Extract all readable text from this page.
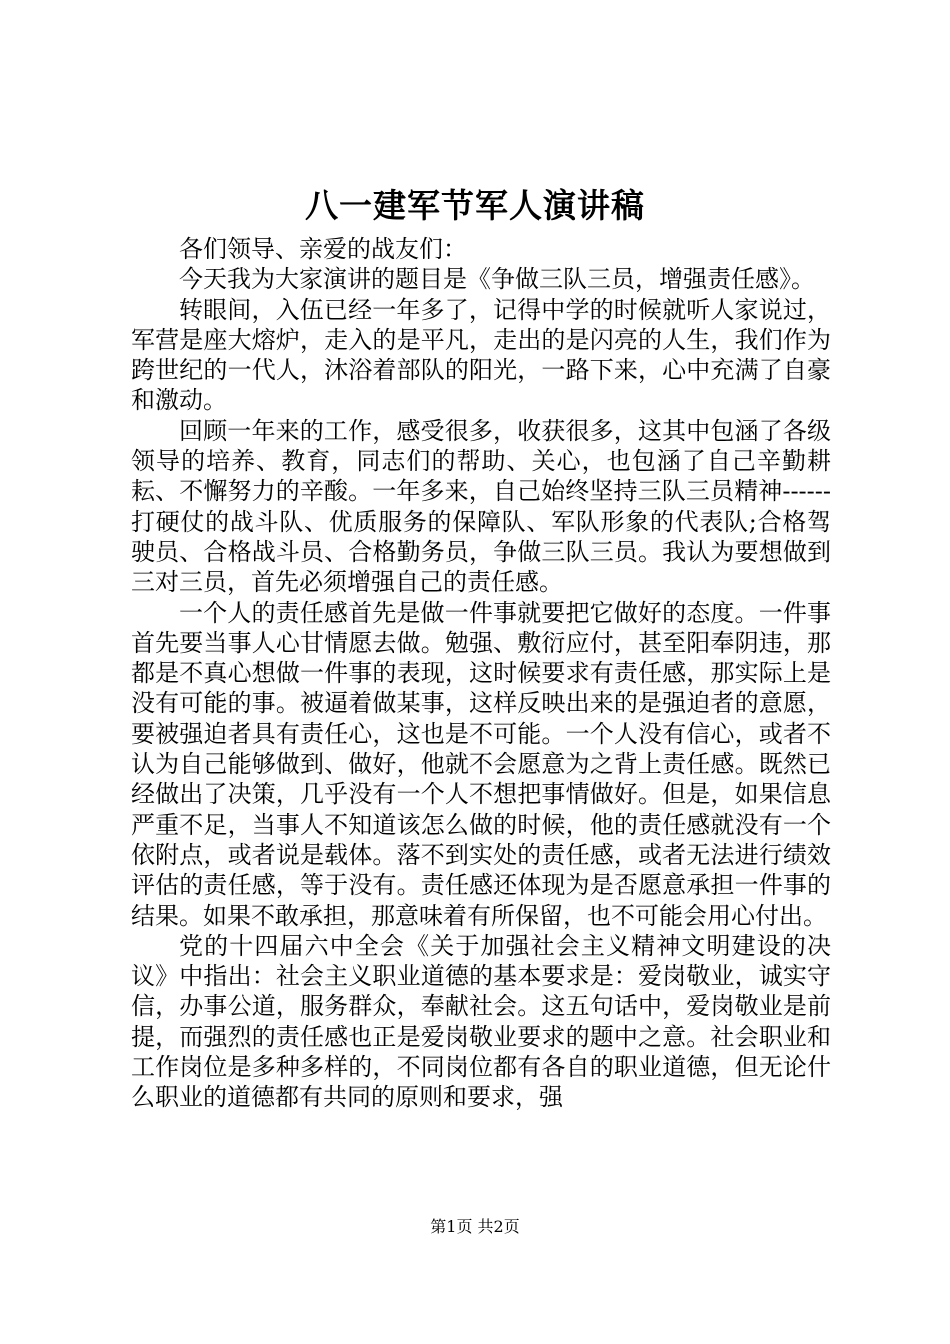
八一建军节军人演讲稿

各们领导、亲爱的战友们：

今天我为大家演讲的题目是《争做三队三员，增强责任感》。

转眼间，入伍已经一年多了，记得中学的时候就听人家说过，军营是座大熔炉，走入的是平凡，走出的是闪亮的人生，我们作为跨世纪的一代人，沐浴着部队的阳光，一路下来，心中充满了自豪和激动。

回顾一年来的工作，感受很多，收获很多，这其中包涵了各级领导的培养、教育，同志们的帮助、关心，也包涵了自己辛勤耕耘、不懈努力的辛酸。一年多来，自己始终坚持三队三员精神------打硬仗的战斗队、优质服务的保障队、军队形象的代表队;合格驾驶员、合格战斗员、合格勤务员，争做三队三员。我认为要想做到三对三员，首先必须增强自己的责任感。

一个人的责任感首先是做一件事就要把它做好的态度。一件事首先要当事人心甘情愿去做。勉强、敷衍应付，甚至阳奉阴违，那都是不真心想做一件事的表现，这时候要求有责任感，那实际上是没有可能的事。被逼着做某事，这样反映出来的是强迫者的意愿，要被强迫者具有责任心，这也是不可能。一个人没有信心，或者不认为自己能够做到、做好，他就不会愿意为之背上责任感。既然已经做出了决策，几乎没有一个人不想把事情做好。但是，如果信息严重不足，当事人不知道该怎么做的时候，他的责任感就没有一个依附点，或者说是载体。落不到实处的责任感，或者无法进行绩效评估的责任感，等于没有。责任感还体现为是否愿意承担一件事的结果。如果不敢承担，那意味着有所保留，也不可能会用心付出。

党的十四届六中全会《关于加强社会主义精神文明建设的决议》中指出：社会主义职业道德的基本要求是：爱岗敬业，诚实守信，办事公道，服务群众，奉献社会。这五句话中，爱岗敬业是前提，而强烈的责任感也正是爱岗敬业要求的题中之意。社会职业和工作岗位是多种多样的，不同岗位都有各自的职业道德，但无论什么职业的道德都有共同的原则和要求，强

第1页 共2页
